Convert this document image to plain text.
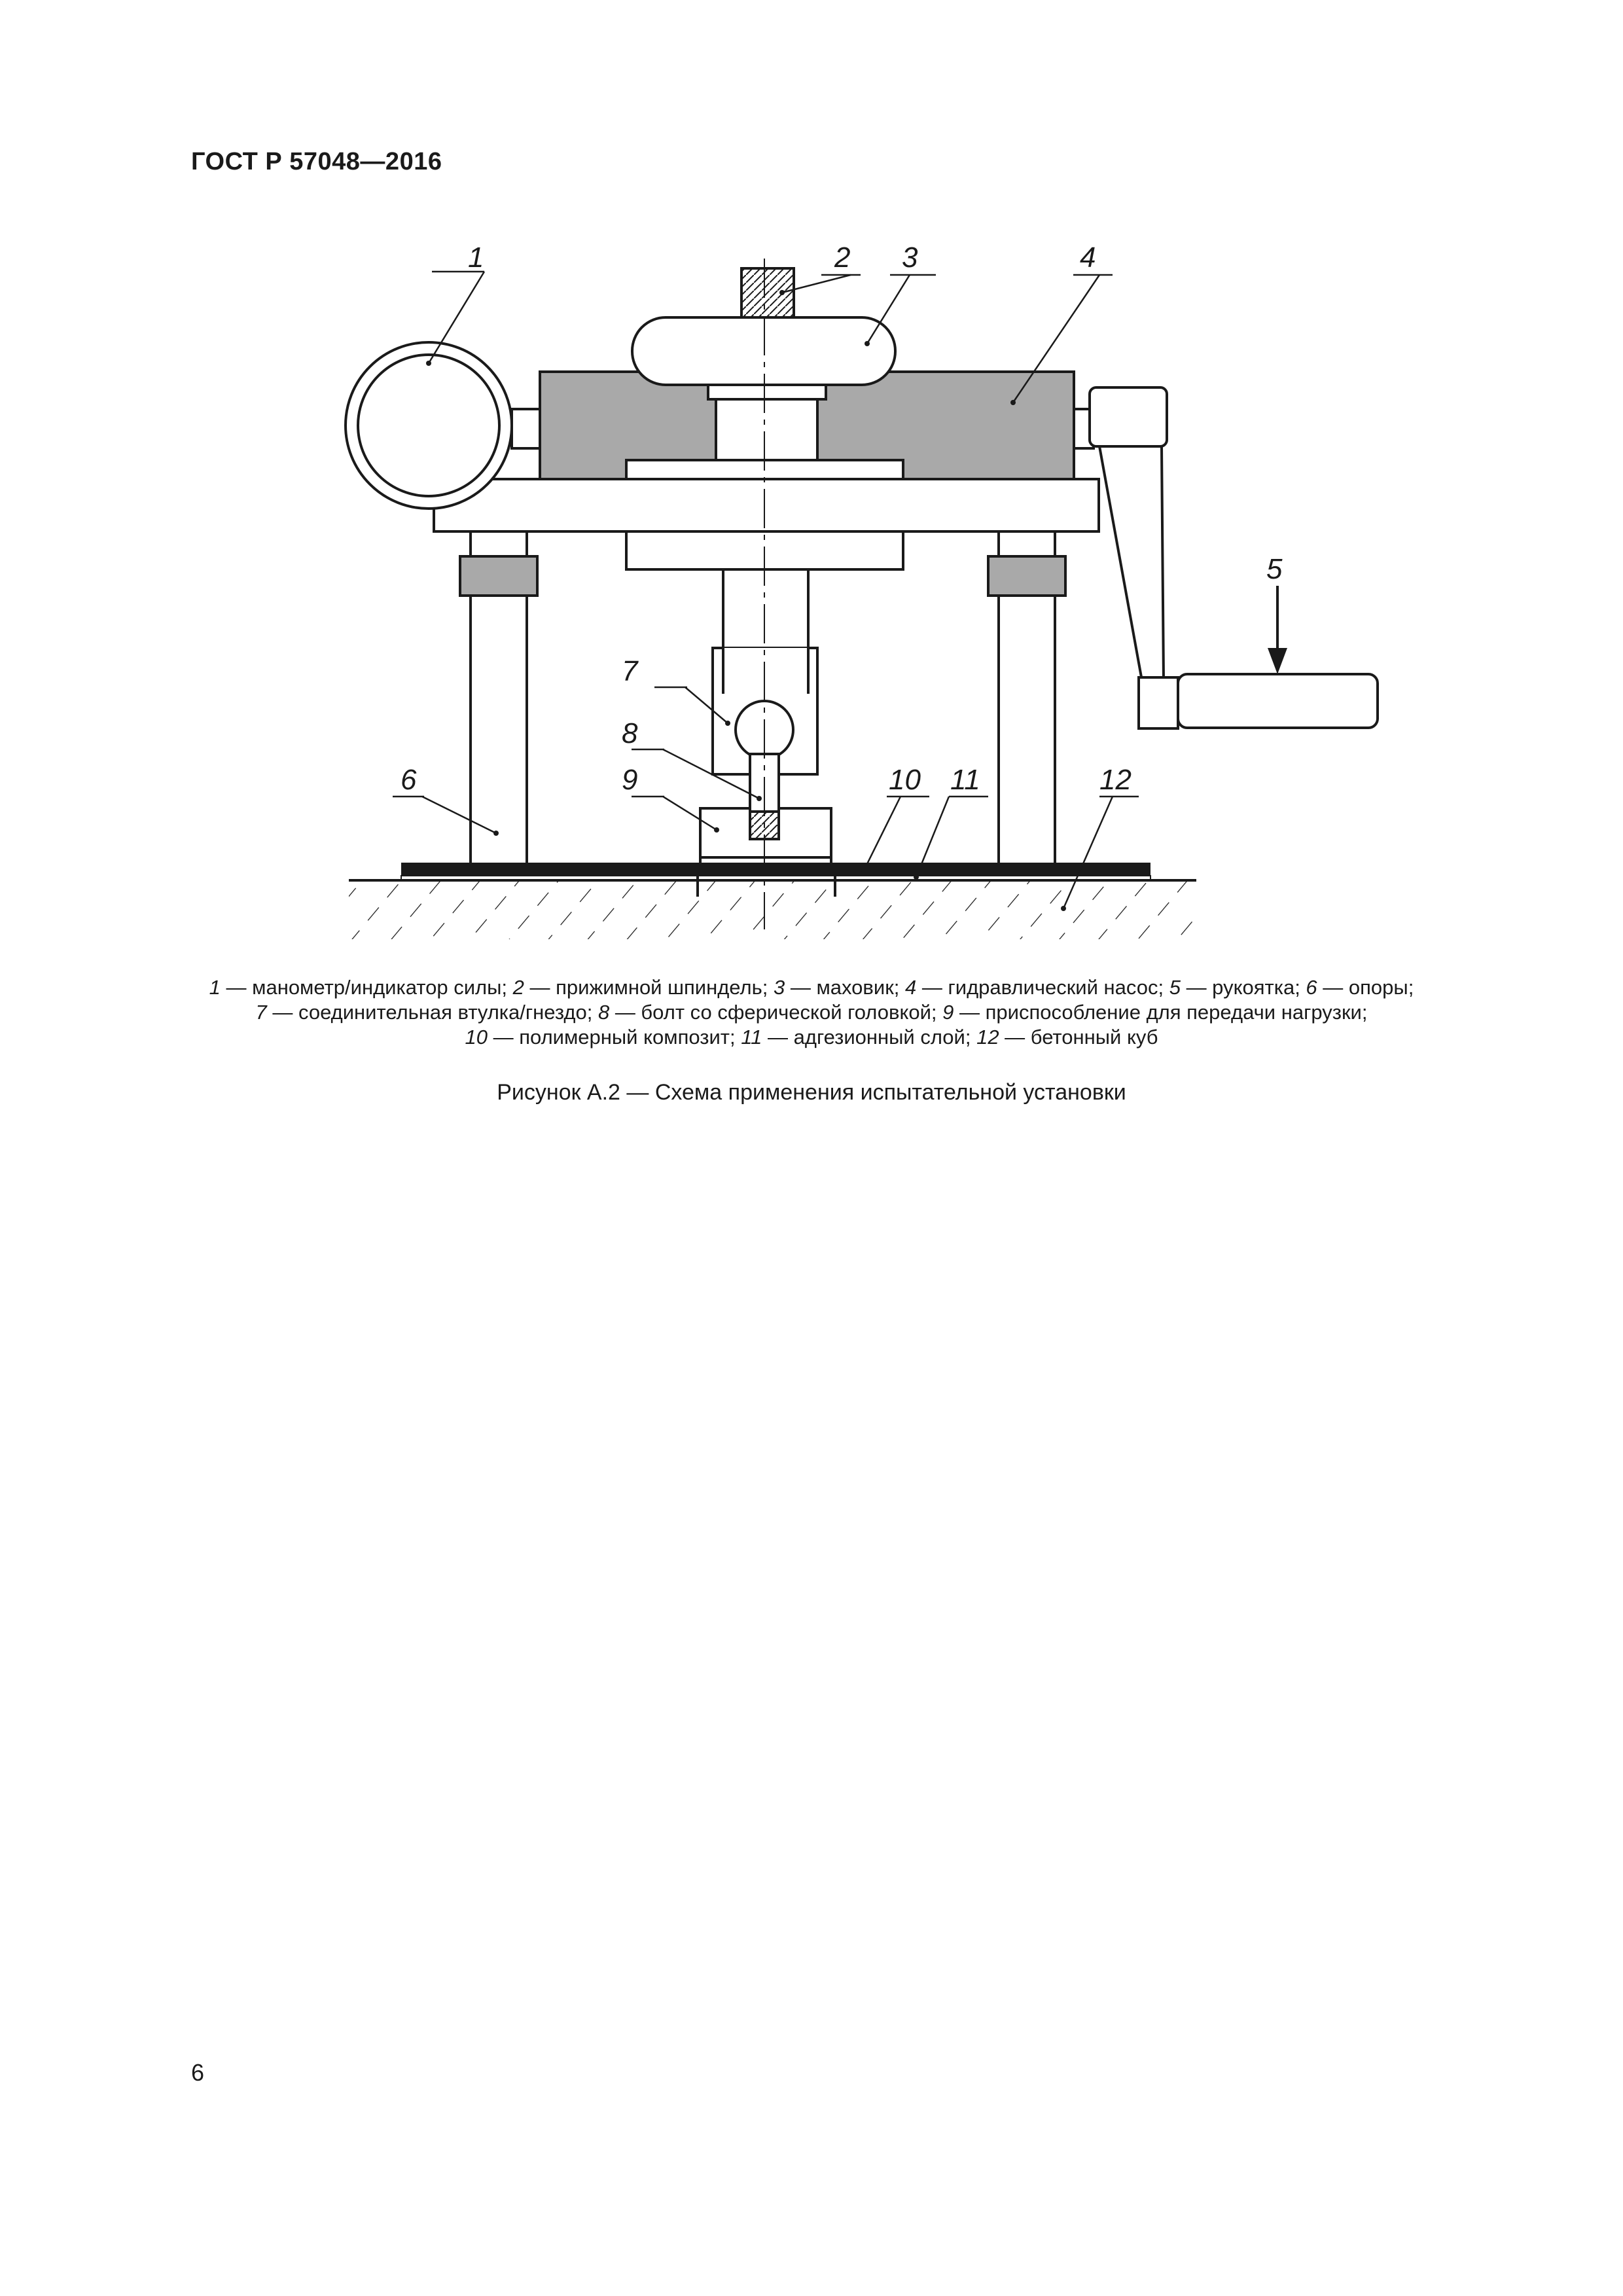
ГОСТ Р 57048—2016
1	2 3	4
5
6
7
8
9	10 11	12
1 — манометр/индикатор силы; 2 — прижимной шпиндель; 3 — маховик; 4 — гидравлический насос; 5 — рукоятка; 6 — опоры;
7 — соединительная втулка/гнездо; 8 — болт со сферической головкой; 9 — приспособление для передачи нагрузки;
10 — полимерный композит; 11 — адгезионный слой; 12 — бетонный куб
Рисунок А.2 — Схема применения испытательной установки
6
